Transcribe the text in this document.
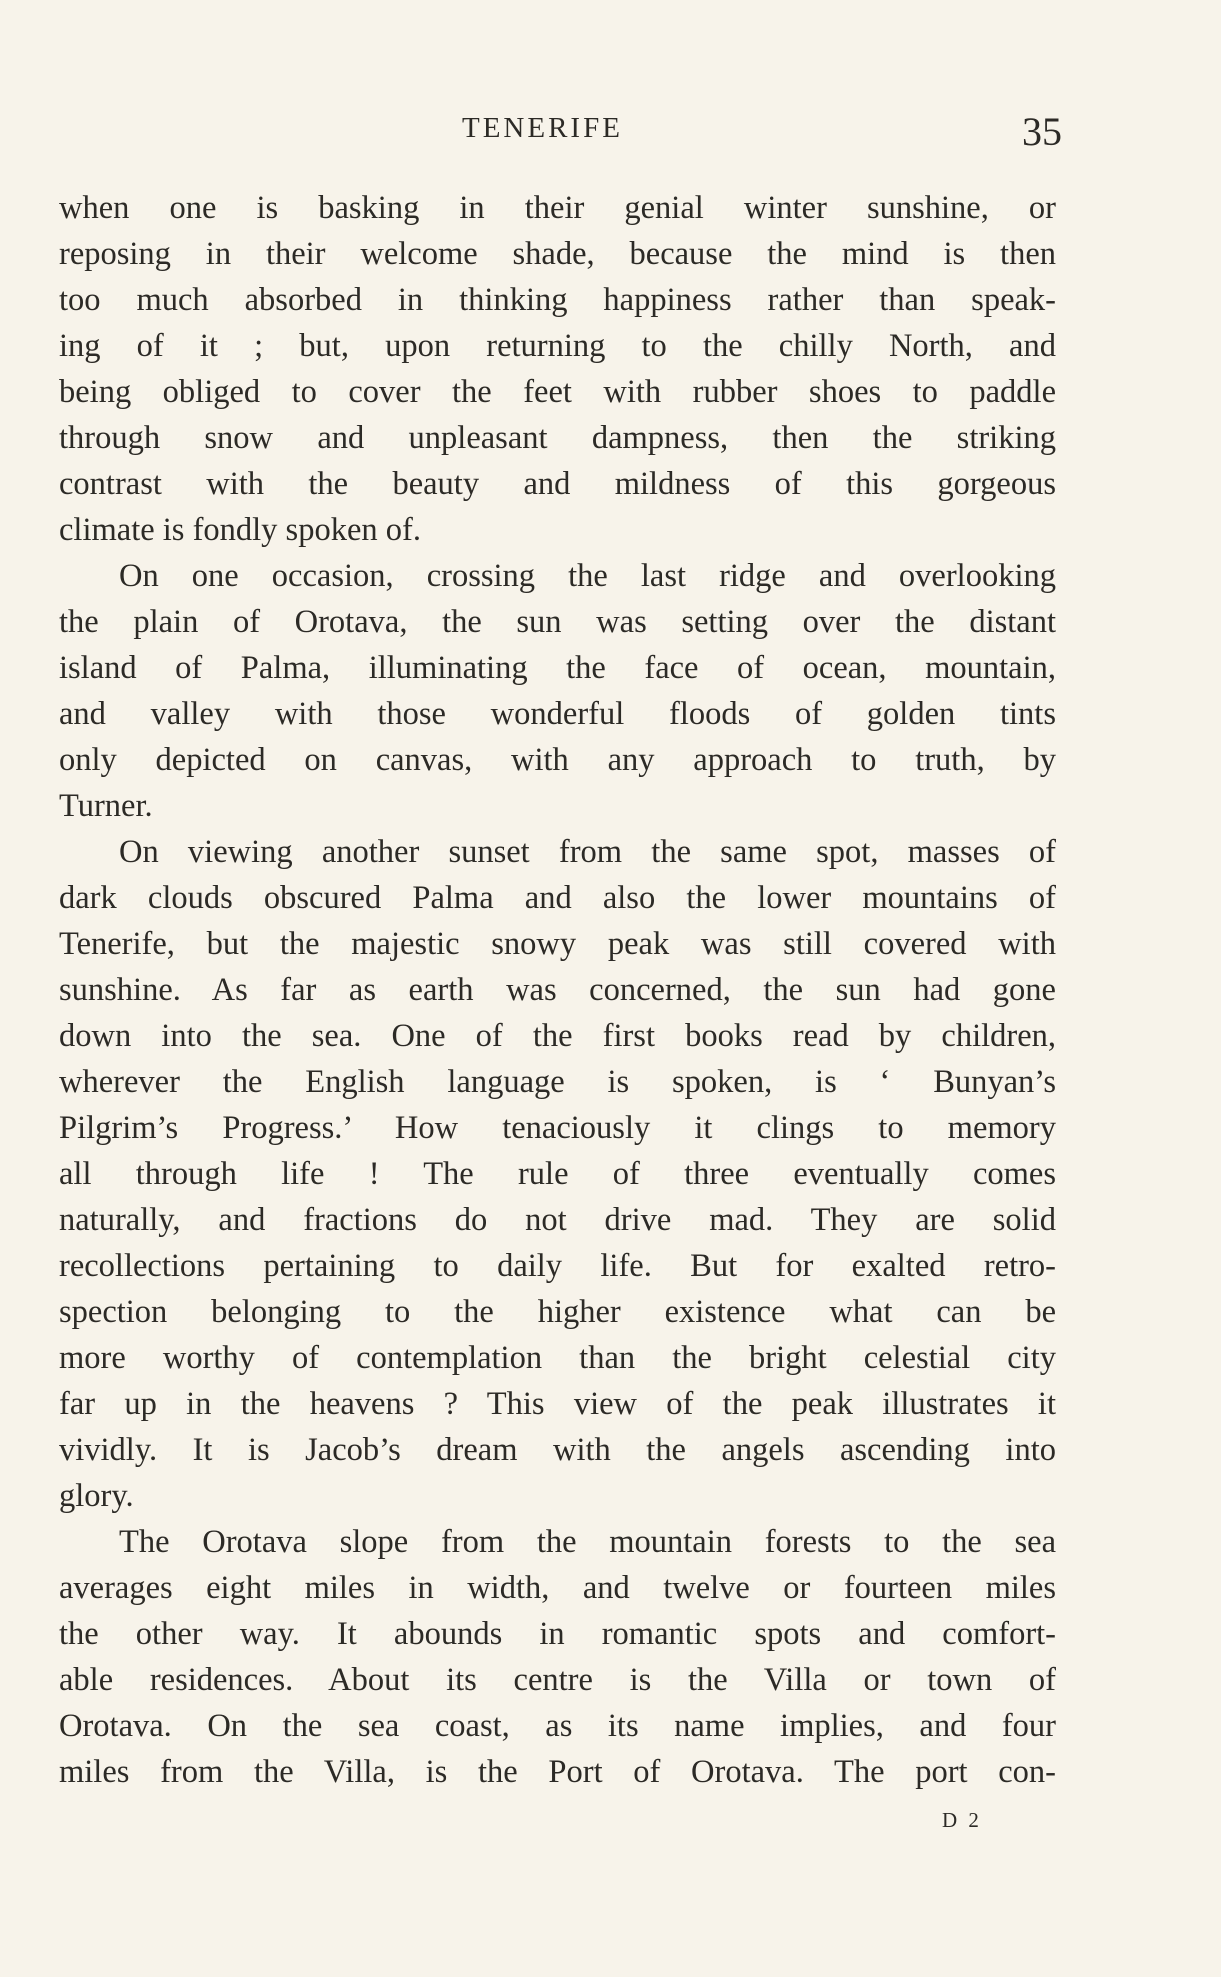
TENERIFE	35
when one is basking in their genial winter sunshine, or
reposing in their welcome shade, because the mind is then
too much absorbed in thinking happiness rather than speak-
ing of it ; but, upon returning to the chilly North, and
being obliged to cover the feet with rubber shoes to paddle
through snow and unpleasant dampness, then the striking
contrast with the beauty and mildness of this gorgeous
climate is fondly spoken of.
On one occasion, crossing the last ridge and overlooking
the plain of Orotava, the sun was setting over the distant
island of Palma, illuminating the face of ocean, mountain,
and valley with those wonderful floods of golden tints
only depicted on canvas, with any approach to truth, by
Turner.
On viewing another sunset from the same spot, masses of
dark clouds obscured Palma and also the lower mountains of
Tenerife, but the majestic snowy peak was still covered with
sunshine. As far as earth was concerned, the sun had gone
down into the sea. One of the first books read by children,
wherever the English language is spoken, is ‘ Bunyan’s
Pilgrim’s Progress.’ How tenaciously it clings to memory
all through life ! The rule of three eventually comes
naturally, and fractions do not drive mad. They are solid
recollections pertaining to daily life. But for exalted retro-
spection belonging to the higher existence what can be
more worthy of contemplation than the bright celestial city
far up in the heavens ? This view of the peak illustrates it
vividly. It is Jacob’s dream with the angels ascending into
glory.
The Orotava slope from the mountain forests to the sea
averages eight miles in width, and twelve or fourteen miles
the other way. It abounds in romantic spots and comfort-
able residences. About its centre is the Villa or town of
Orotava. On the sea coast, as its name implies, and four
miles from the Villa, is the Port of Orotava. The port con-
D 2
